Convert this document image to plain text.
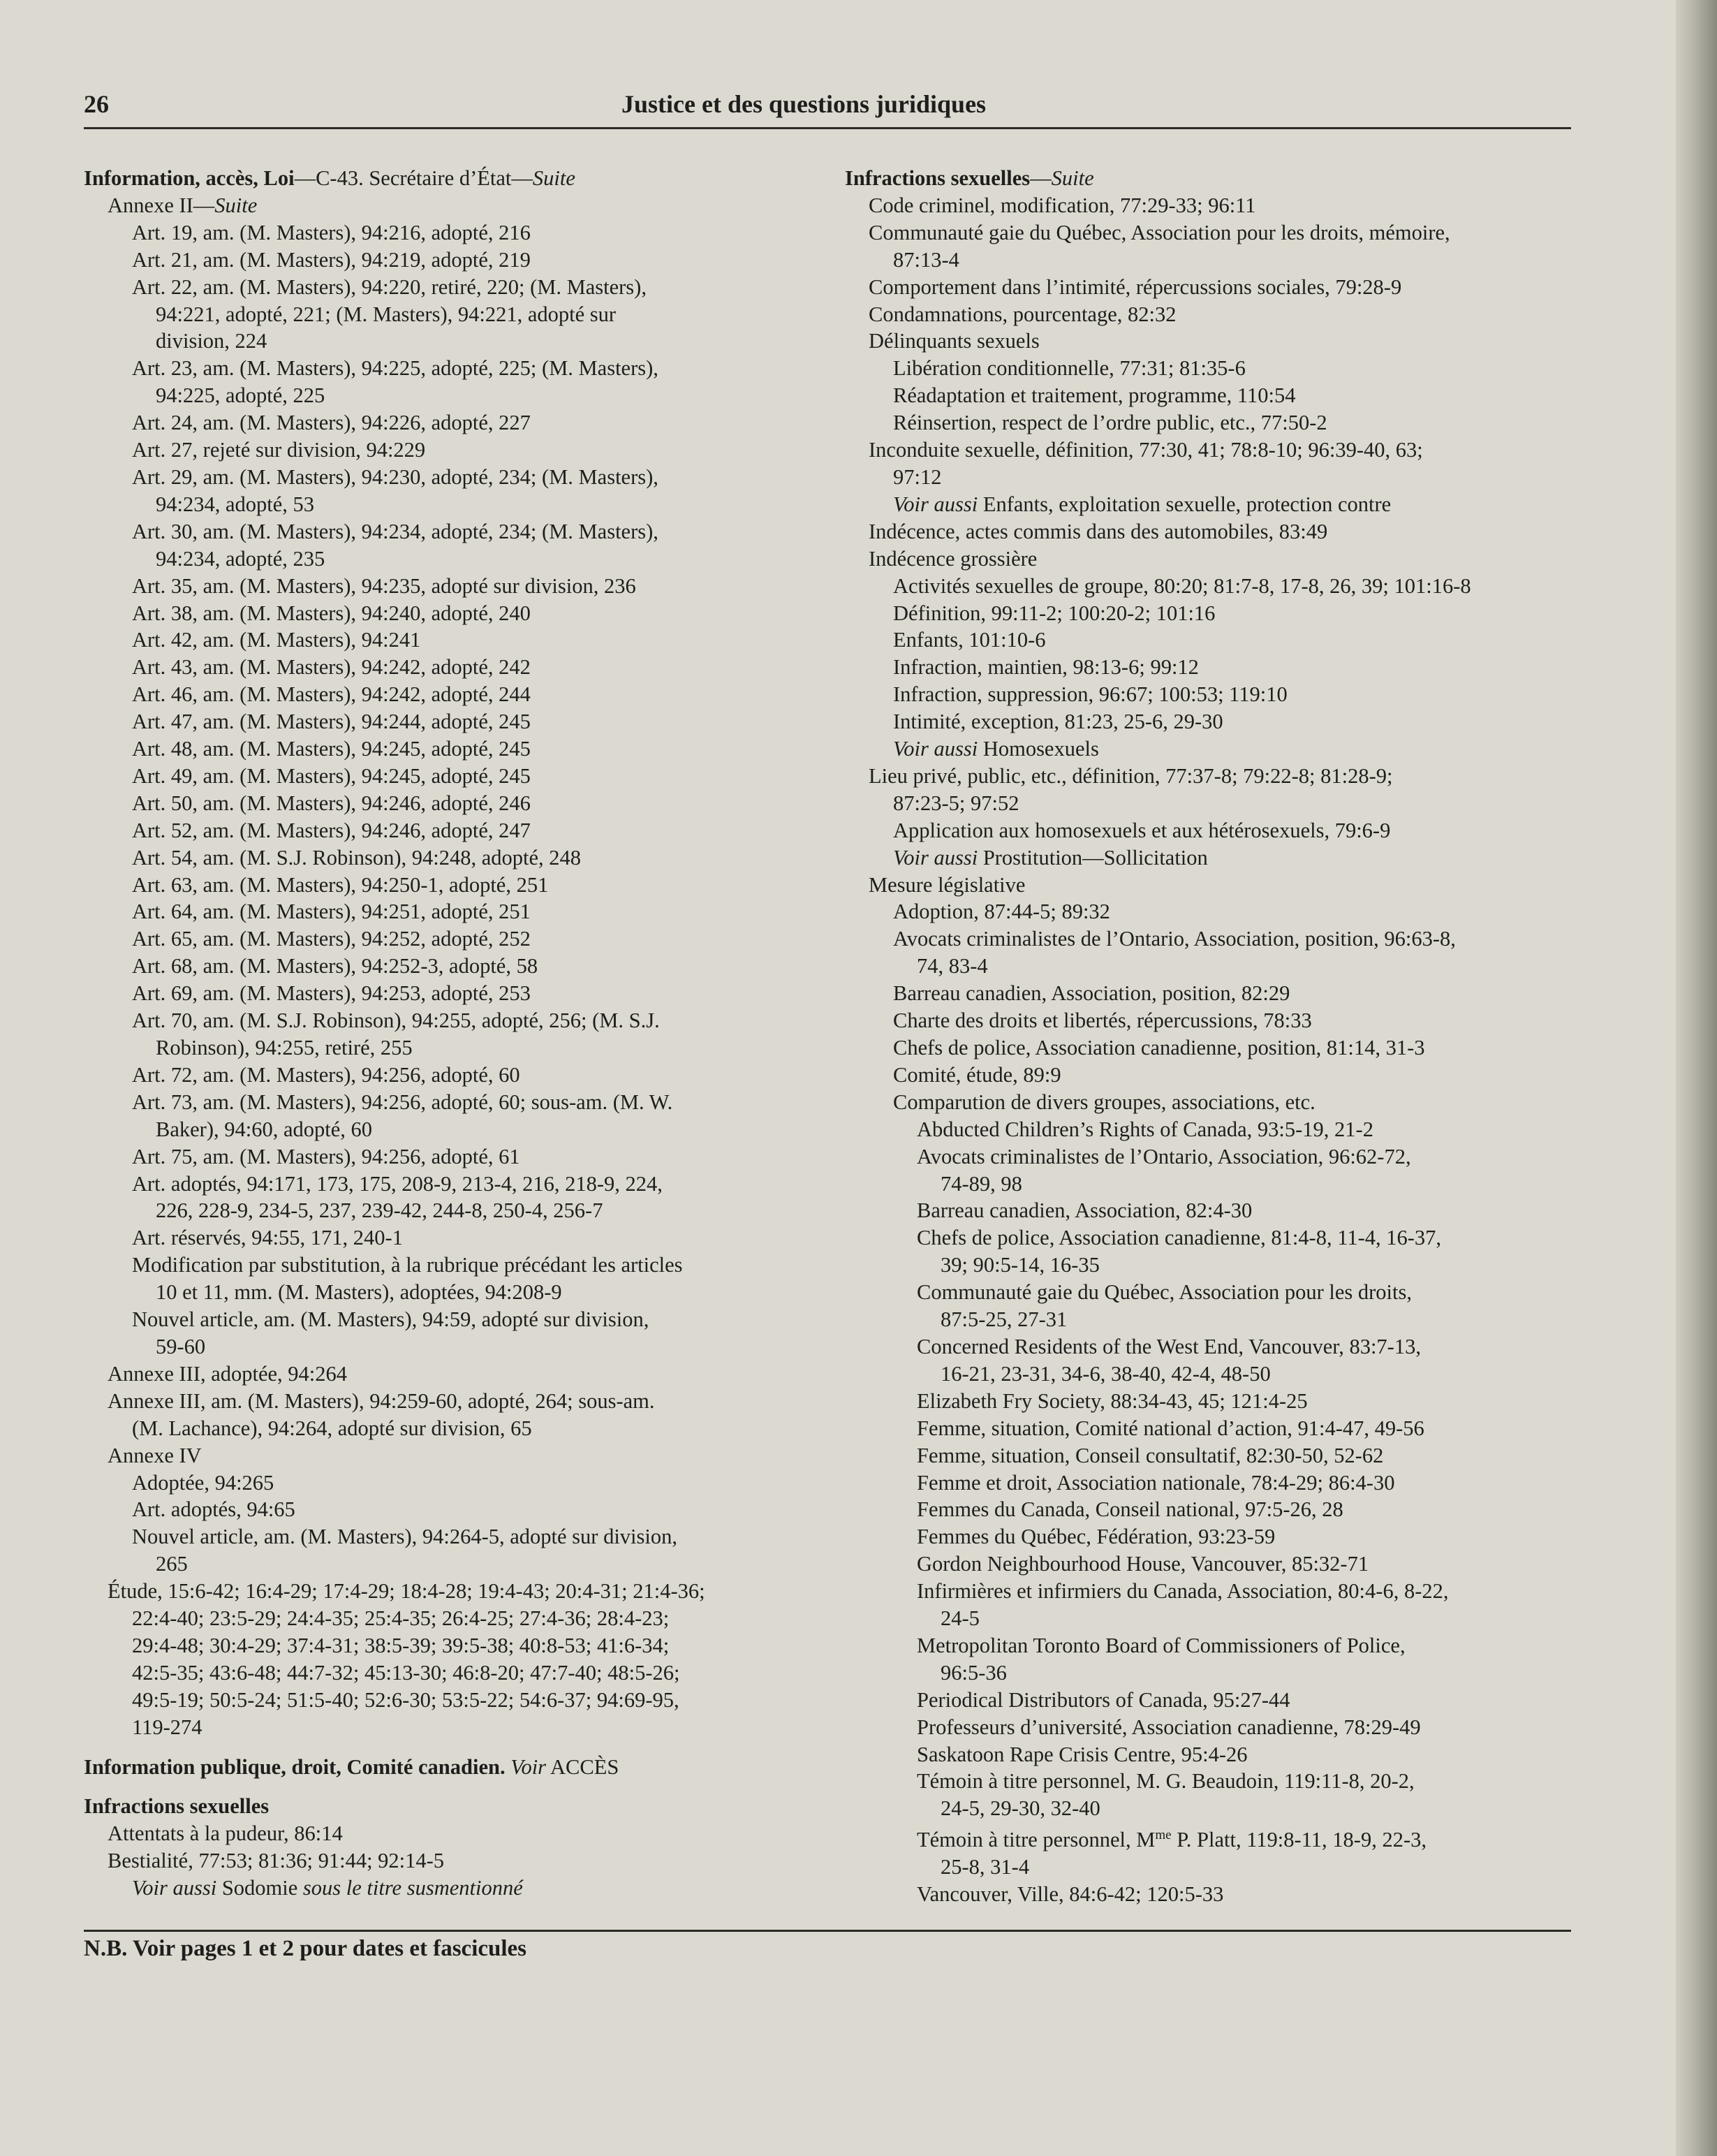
26	Justice et des questions juridiques
Information, accès, Loi—C-43. Secrétaire d’État—Suite
Annexe II—Suite
Art. 19, am. (M. Masters), 94:216, adopté, 216
Art. 21, am. (M. Masters), 94:219, adopté, 219
Art. 22, am. (M. Masters), 94:220, retiré, 220; (M. Masters),
94:221, adopté, 221; (M. Masters), 94:221, adopté sur
division, 224
Art. 23, am. (M. Masters), 94:225, adopté, 225; (M. Masters),
94:225, adopté, 225
Art. 24, am. (M. Masters), 94:226, adopté, 227
Art. 27, rejeté sur division, 94:229
Art. 29, am. (M. Masters), 94:230, adopté, 234; (M. Masters),
94:234, adopté, 53
Art. 30, am. (M. Masters), 94:234, adopté, 234; (M. Masters),
94:234, adopté, 235
Art. 35, am. (M. Masters), 94:235, adopté sur division, 236
Art. 38, am. (M. Masters), 94:240, adopté, 240
Art. 42, am. (M. Masters), 94:241
Art. 43, am. (M. Masters), 94:242, adopté, 242
Art. 46, am. (M. Masters), 94:242, adopté, 244
Art. 47, am. (M. Masters), 94:244, adopté, 245
Art. 48, am. (M. Masters), 94:245, adopté, 245
Art. 49, am. (M. Masters), 94:245, adopté, 245
Art. 50, am. (M. Masters), 94:246, adopté, 246
Art. 52, am. (M. Masters), 94:246, adopté, 247
Art. 54, am. (M. S.J. Robinson), 94:248, adopté, 248
Art. 63, am. (M. Masters), 94:250-1, adopté, 251
Art. 64, am. (M. Masters), 94:251, adopté, 251
Art. 65, am. (M. Masters), 94:252, adopté, 252
Art. 68, am. (M. Masters), 94:252-3, adopté, 58
Art. 69, am. (M. Masters), 94:253, adopté, 253
Art. 70, am. (M. S.J. Robinson), 94:255, adopté, 256; (M. S.J.
Robinson), 94:255, retiré, 255
Art. 72, am. (M. Masters), 94:256, adopté, 60
Art. 73, am. (M. Masters), 94:256, adopté, 60; sous-am. (M. W.
Baker), 94:60, adopté, 60
Art. 75, am. (M. Masters), 94:256, adopté, 61
Art. adoptés, 94:171, 173, 175, 208-9, 213-4, 216, 218-9, 224,
226, 228-9, 234-5, 237, 239-42, 244-8, 250-4, 256-7
Art. réservés, 94:55, 171, 240-1
Modification par substitution, à la rubrique précédant les articles
10 et 11, mm. (M. Masters), adoptées, 94:208-9
Nouvel article, am. (M. Masters), 94:59, adopté sur division,
59-60
Annexe III, adoptée, 94:264
Annexe III, am. (M. Masters), 94:259-60, adopté, 264; sous-am.
(M. Lachance), 94:264, adopté sur division, 65
Annexe IV
Adoptée, 94:265
Art. adoptés, 94:65
Nouvel article, am. (M. Masters), 94:264-5, adopté sur division,
265
Étude, 15:6-42; 16:4-29; 17:4-29; 18:4-28; 19:4-43; 20:4-31; 21:4-36;
22:4-40; 23:5-29; 24:4-35; 25:4-35; 26:4-25; 27:4-36; 28:4-23;
29:4-48; 30:4-29; 37:4-31; 38:5-39; 39:5-38; 40:8-53; 41:6-34;
42:5-35; 43:6-48; 44:7-32; 45:13-30; 46:8-20; 47:7-40; 48:5-26;
49:5-19; 50:5-24; 51:5-40; 52:6-30; 53:5-22; 54:6-37; 94:69-95,
119-274
Information publique, droit, Comité canadien. Voir ACCÈS
Infractions sexuelles
Attentats à la pudeur, 86:14
Bestialité, 77:53; 81:36; 91:44; 92:14-5
Voir aussi Sodomie sous le titre susmentionné
Infractions sexuelles—Suite
Code criminel, modification, 77:29-33; 96:11
Communauté gaie du Québec, Association pour les droits, mémoire,
87:13-4
Comportement dans l’intimité, répercussions sociales, 79:28-9
Condamnations, pourcentage, 82:32
Délinquants sexuels
Libération conditionnelle, 77:31; 81:35-6
Réadaptation et traitement, programme, 110:54
Réinsertion, respect de l’ordre public, etc., 77:50-2
Inconduite sexuelle, définition, 77:30, 41; 78:8-10; 96:39-40, 63;
97:12
Voir aussi Enfants, exploitation sexuelle, protection contre
Indécence, actes commis dans des automobiles, 83:49
Indécence grossière
Activités sexuelles de groupe, 80:20; 81:7-8, 17-8, 26, 39; 101:16-8
Définition, 99:11-2; 100:20-2; 101:16
Enfants, 101:10-6
Infraction, maintien, 98:13-6; 99:12
Infraction, suppression, 96:67; 100:53; 119:10
Intimité, exception, 81:23, 25-6, 29-30
Voir aussi Homosexuels
Lieu privé, public, etc., définition, 77:37-8; 79:22-8; 81:28-9;
87:23-5; 97:52
Application aux homosexuels et aux hétérosexuels, 79:6-9
Voir aussi Prostitution—Sollicitation
Mesure législative
Adoption, 87:44-5; 89:32
Avocats criminalistes de l’Ontario, Association, position, 96:63-8,
74, 83-4
Barreau canadien, Association, position, 82:29
Charte des droits et libertés, répercussions, 78:33
Chefs de police, Association canadienne, position, 81:14, 31-3
Comité, étude, 89:9
Comparution de divers groupes, associations, etc.
Abducted Children’s Rights of Canada, 93:5-19, 21-2
Avocats criminalistes de l’Ontario, Association, 96:62-72,
74-89, 98
Barreau canadien, Association, 82:4-30
Chefs de police, Association canadienne, 81:4-8, 11-4, 16-37,
39; 90:5-14, 16-35
Communauté gaie du Québec, Association pour les droits,
87:5-25, 27-31
Concerned Residents of the West End, Vancouver, 83:7-13,
16-21, 23-31, 34-6, 38-40, 42-4, 48-50
Elizabeth Fry Society, 88:34-43, 45; 121:4-25
Femme, situation, Comité national d’action, 91:4-47, 49-56
Femme, situation, Conseil consultatif, 82:30-50, 52-62
Femme et droit, Association nationale, 78:4-29; 86:4-30
Femmes du Canada, Conseil national, 97:5-26, 28
Femmes du Québec, Fédération, 93:23-59
Gordon Neighbourhood House, Vancouver, 85:32-71
Infirmières et infirmiers du Canada, Association, 80:4-6, 8-22,
24-5
Metropolitan Toronto Board of Commissioners of Police,
96:5-36
Periodical Distributors of Canada, 95:27-44
Professeurs d’université, Association canadienne, 78:29-49
Saskatoon Rape Crisis Centre, 95:4-26
Témoin à titre personnel, M. G. Beaudoin, 119:11-8, 20-2,
24-5, 29-30, 32-40
Témoin à titre personnel, $M^{me}$ P. Platt, 119:8-11, 18-9, 22-3,
25-8, 31-4
Vancouver, Ville, 84:6-42; 120:5-33
N.B. Voir pages 1 et 2 pour dates et fascicules
